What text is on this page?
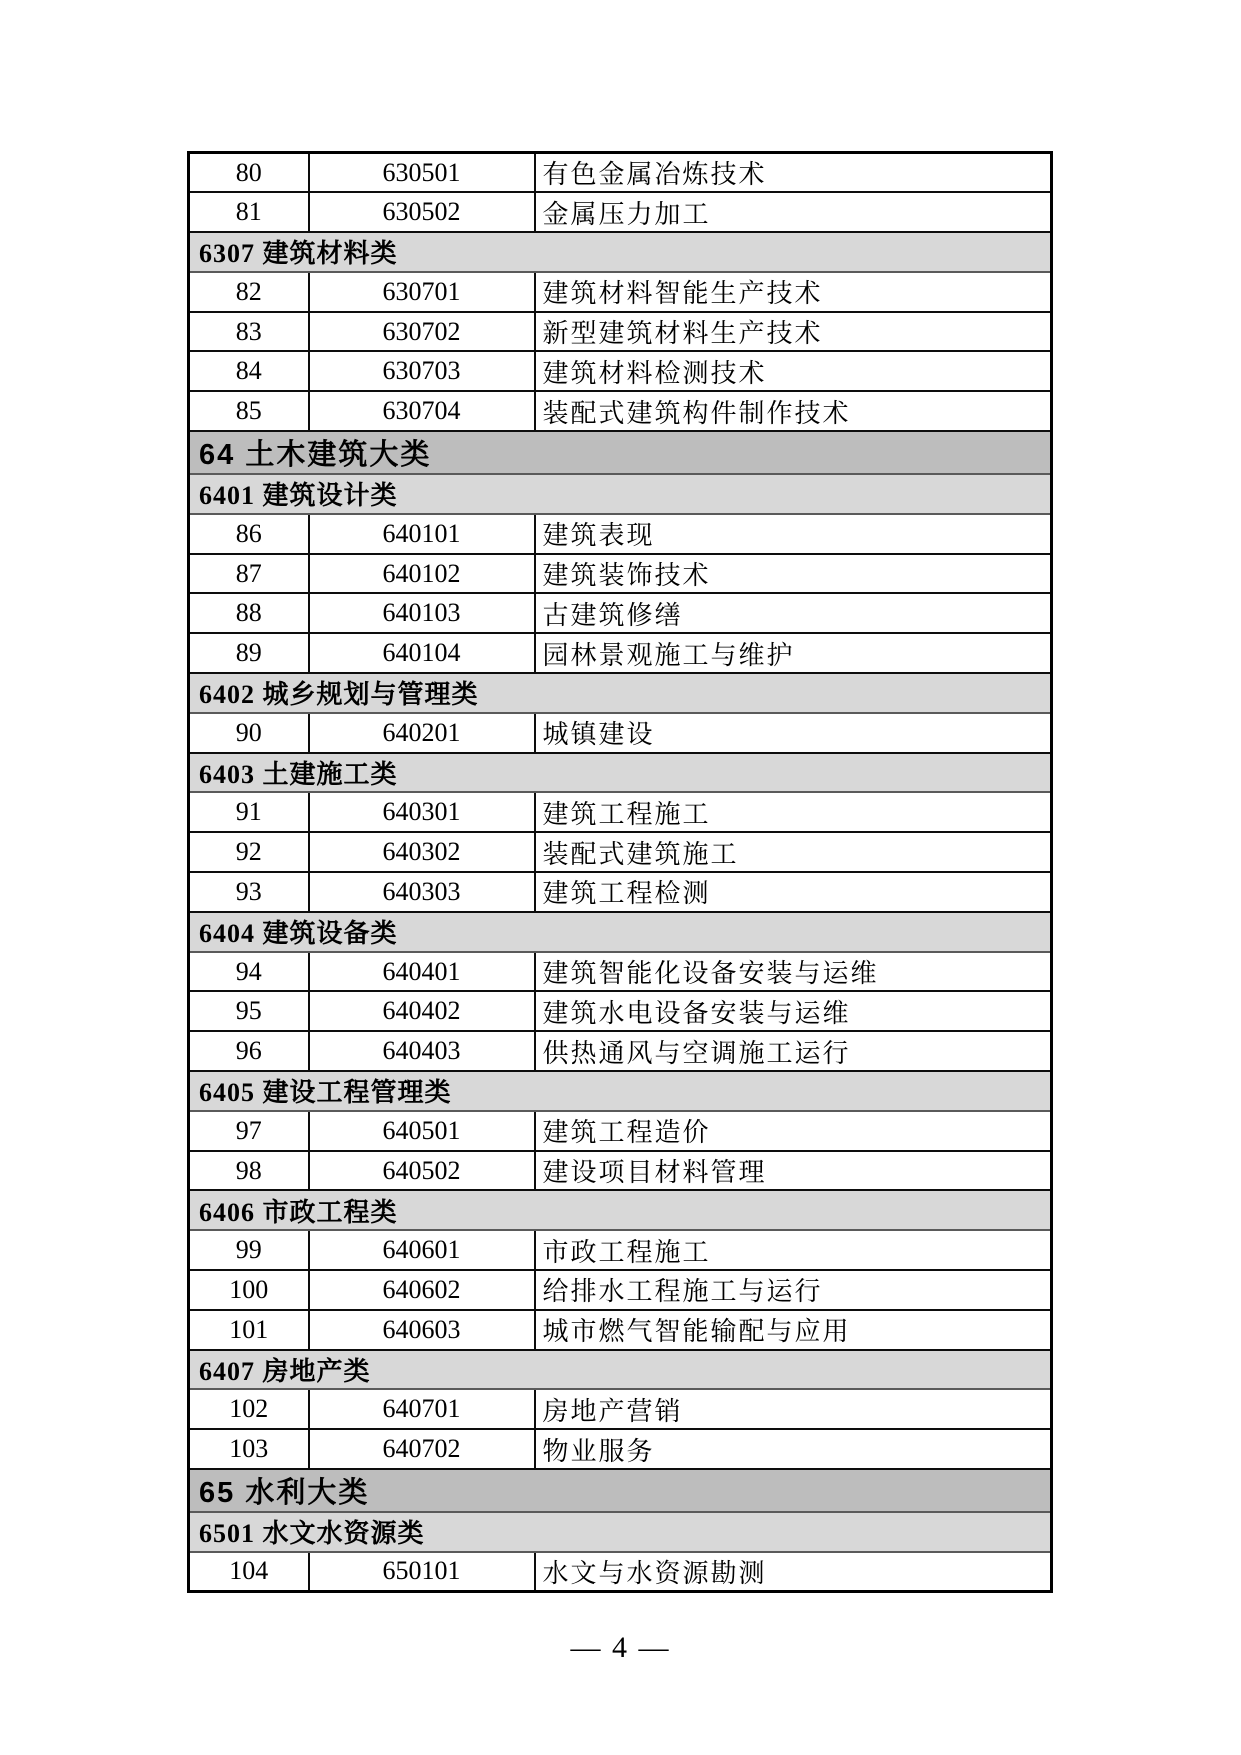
80	630501	有色金属冶炼技术
81	630502	金属压力加工
6307 建筑材料类		
82	630701	建筑材料智能生产技术
83	630702	新型建筑材料生产技术
84	630703	建筑材料检测技术
85	630704	装配式建筑构件制作技术
64 土木建筑大类		
6401 建筑设计类		
86	640101	建筑表现
87	640102	建筑装饰技术
88	640103	古建筑修缮
89	640104	园林景观施工与维护
6402 城乡规划与管理类		
90	640201	城镇建设
6403 土建施工类		
91	640301	建筑工程施工
92	640302	装配式建筑施工
93	640303	建筑工程检测
6404 建筑设备类		
94	640401	建筑智能化设备安装与运维
95	640402	建筑水电设备安装与运维
96	640403	供热通风与空调施工运行
6405 建设工程管理类		
97	640501	建筑工程造价
98	640502	建设项目材料管理
6406 市政工程类		
99	640601	市政工程施工
100	640602	给排水工程施工与运行
101	640603	城市燃气智能输配与应用
6407 房地产类		
102	640701	房地产营销
103	640702	物业服务
65 水利大类		
6501 水文水资源类		
104	650101	水文与水资源勘测
— 4 —
